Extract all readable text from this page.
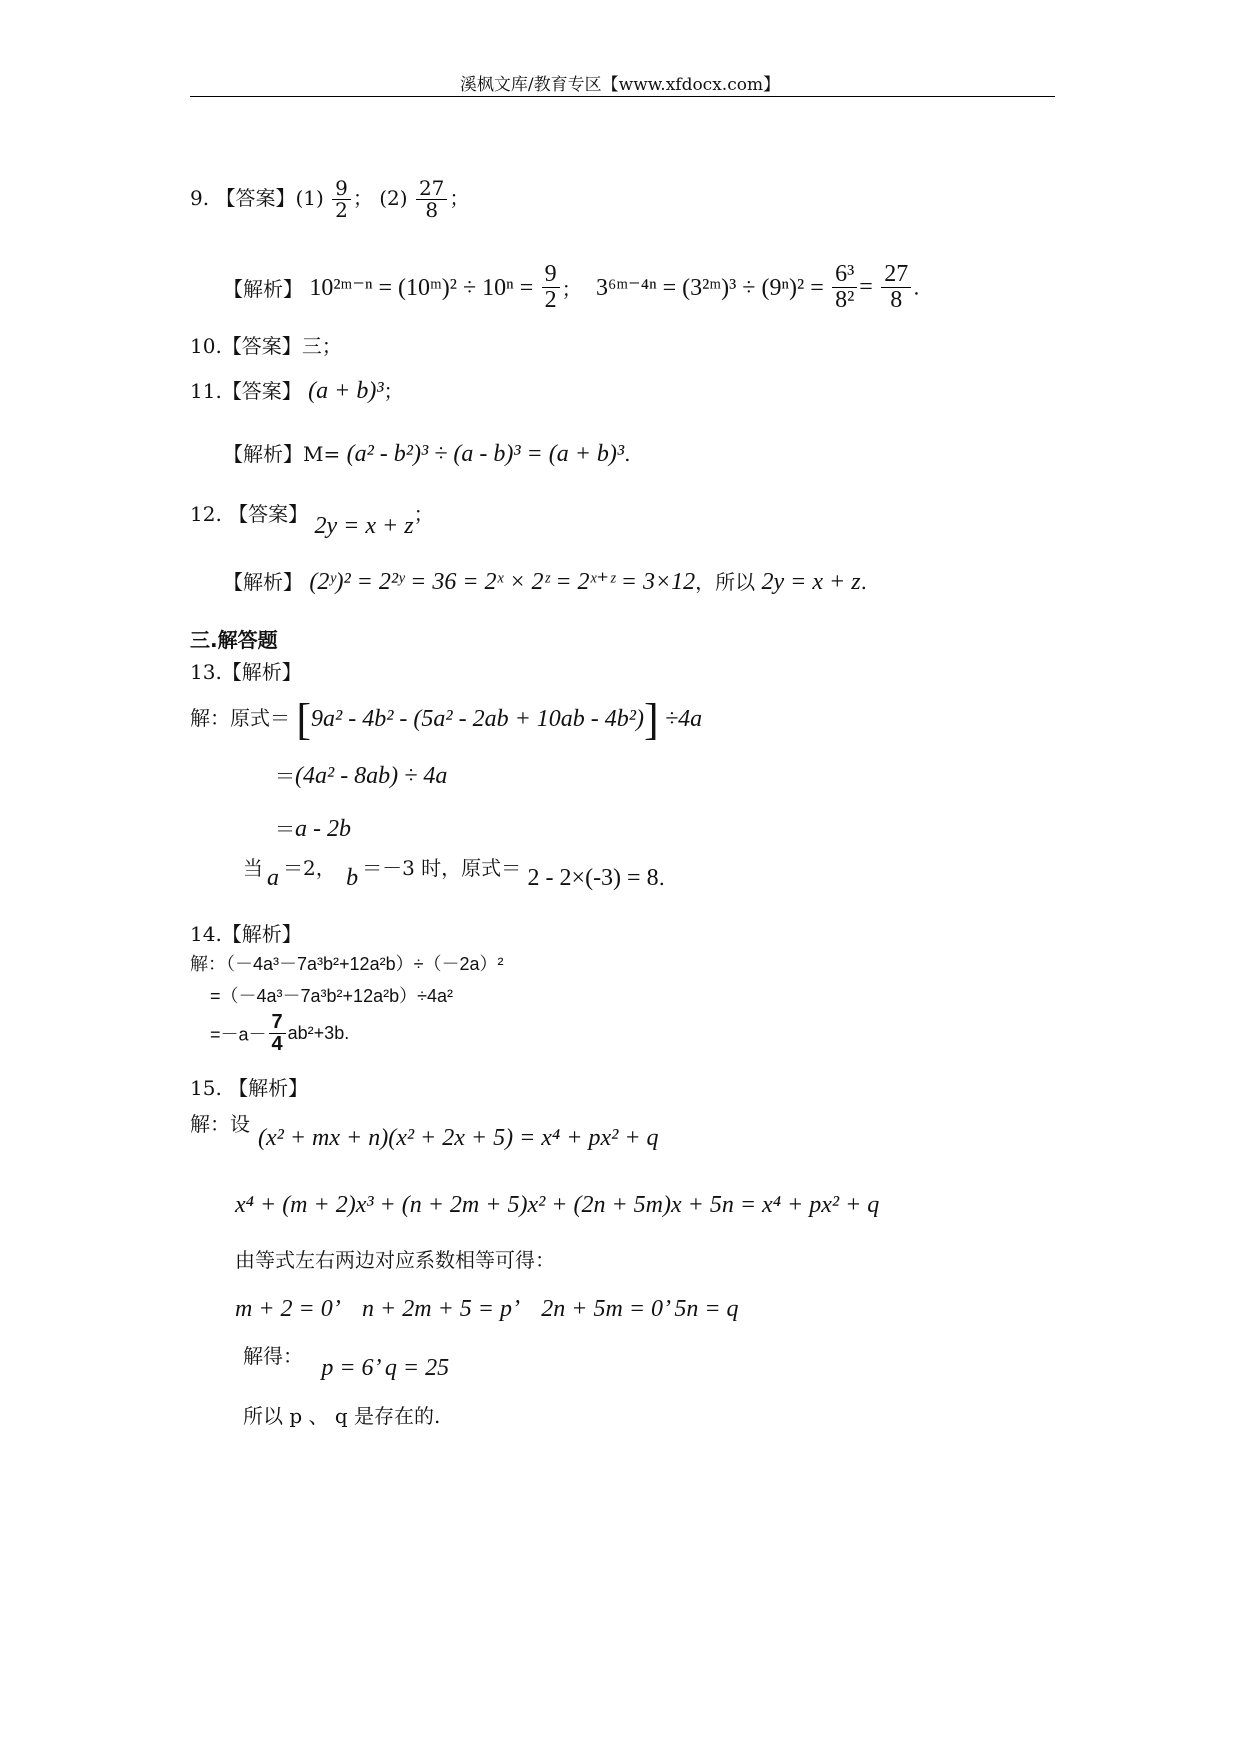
溪枫文库/教育专区【www.xfdocx.com】
9. 【答案】$(1) \frac{9}{2}$ ； $(2) \frac{27}{8}$ ；
【解析】 10²ᵐ⁻ⁿ = (10ᵐ)² ÷ $10^n = \frac{9}{2}$ ； 3⁶ᵐ⁻⁴ⁿ = (3²ᵐ)³ ÷ $(9^n)^2 = \frac{\text{6³}}{\text{8²}} = \frac{27}{8}$ .
10.【答案】三；
11.【答案】 (a + b)³；
【解析】M= (a² - b²)³ ÷ (a - b)³ = (a + b)³.
12. 【答案】 2y = x + z；
【解析】 (2ʸ)² = 2²ʸ = 36 = 2ˣ × 2ᶻ = 2ˣ⁺ᶻ = 3×12，所以 2y = x + z.
三.解答题
13.【解析】
解：原式＝ [9a² - 4b² - (5a² - 2ab + 10ab - 4b²)] ÷4a
＝(4a² - 8ab) ÷ 4a
＝a - 2b
当 a ＝2， b ＝－3 时，原式＝ 2 - 2×(-3) = 8.
14.【解析】
解：（－4a³－7a³b²+12a²b）÷（－2a）²
=（－4a³－7a³b²+12a²b）÷4a²
$=-a- \frac{7}{4} ab^2+3b$.
15. 【解析】
解：设
(x² + mx + n)(x² + 2x + 5) = x⁴ + px² + q
x⁴ + (m + 2)x³ + (n + 2m + 5)x² + (2n + 5m)x + 5n = x⁴ + px² + q
由等式左右两边对应系数相等可得：
m + 2 = 0’　n + 2m + 5 = p’　2n + 5m = 0’ 5n = q
解得： p = 6’ q = 25
所以 p 、 q 是存在的.
